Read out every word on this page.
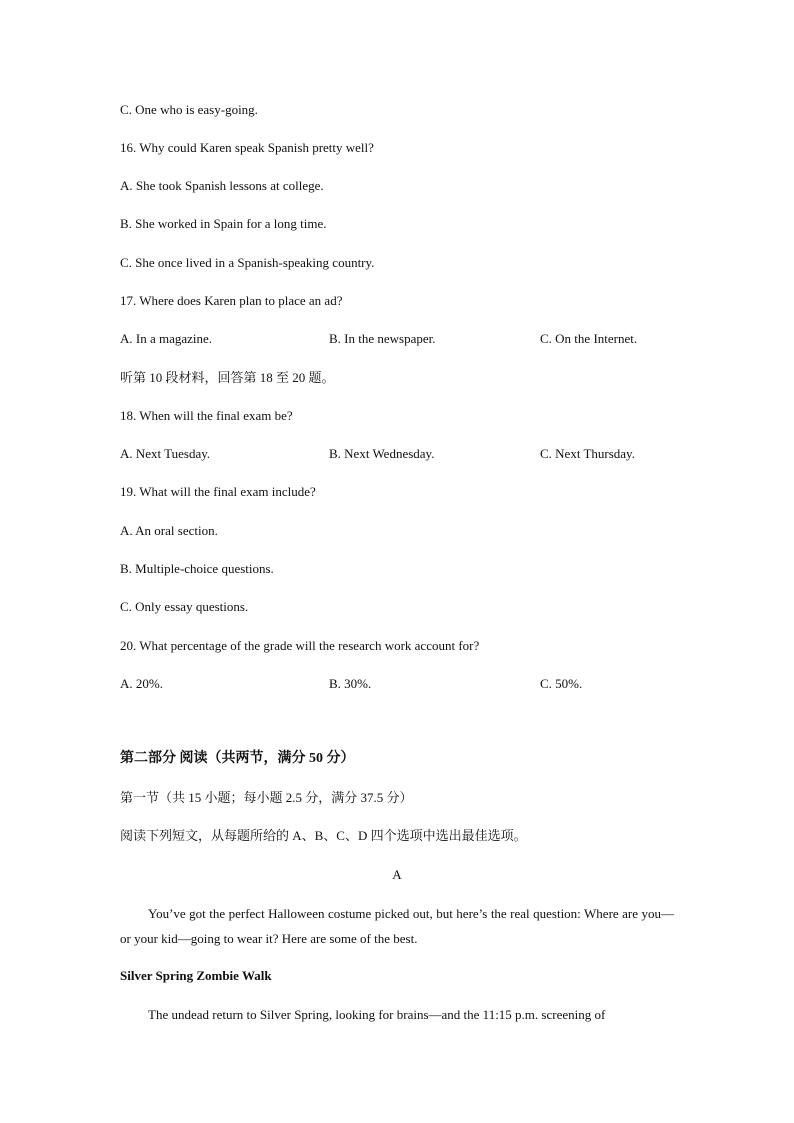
C. One who is easy-going.
16. Why could Karen speak Spanish pretty well?
A. She took Spanish lessons at college.
B. She worked in Spain for a long time.
C. She once lived in a Spanish-speaking country.
17. Where does Karen plan to place an ad?
A. In a magazine.	B. In the newspaper.	C. On the Internet.
听第 10 段材料，回答第 18 至 20 题。
18. When will the final exam be?
A. Next Tuesday.	B. Next Wednesday.	C. Next Thursday.
19. What will the final exam include?
A. An oral section.
B. Multiple-choice questions.
C. Only essay questions.
20. What percentage of the grade will the research work account for?
A. 20%.	B. 30%.	C. 50%.
第二部分 阅读（共两节，满分 50 分）
第一节（共 15 小题；每小题 2.5 分，满分 37.5 分）
阅读下列短文，从每题所给的 A、B、C、D 四个选项中选出最佳选项。
A
You’ve got the perfect Halloween costume picked out, but here’s the real question: Where are you—or your kid—going to wear it? Here are some of the best.
Silver Spring Zombie Walk
The undead return to Silver Spring, looking for brains—and the 11:15 p.m. screening of
